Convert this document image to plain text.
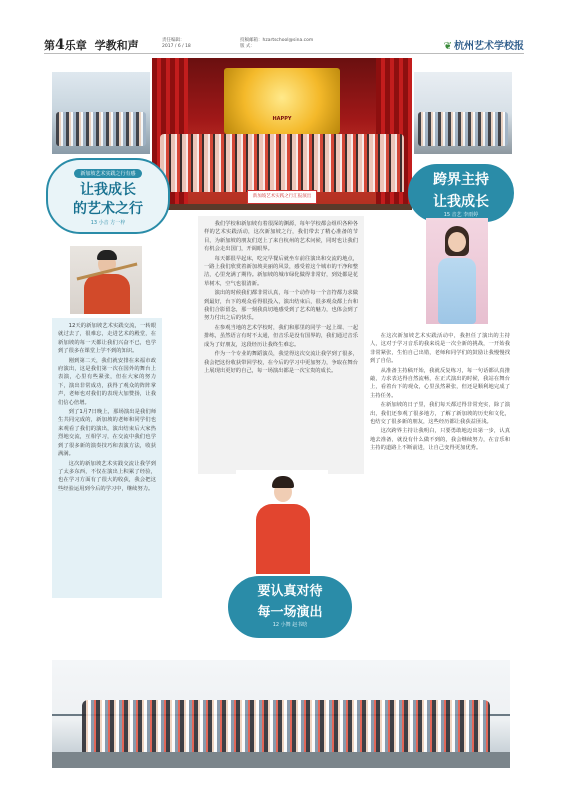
第4乐章 学教和声	责任编辑：
2017 / 6 / 18
投稿邮箱：hzartschool@sina.com
版 式：	❦ 杭州艺术学校报
HAPPY
新加坡艺术实践之行汇报演出
新加坡艺术实践之行有感
让我成长
的艺术之行
13 小音 方一梓

12天的新加坡艺术实践交流，一转眼就过去了，很难忘，走进艺术的殿堂，在新加坡的每一天都让我们兴奋不已，也学到了很多在课堂上学不到的知识。

刚到第二天，我们就安排在来福市政府演出，这是我们第一次在国外的舞台上表演，心里有些紧张，但在大家的努力下，演出非常成功，获得了观众的阵阵掌声，老师也对我们的表现大加赞扬，让我们信心倍增。

到了1月7日晚上，那场演出是我们师生共同完成的，新加坡的老师和同学们也来观看了我们的演出，演出结束后大家热烈地交流，互相学习，在交流中我们也学到了很多新的演奏技巧和表演方法，收获满满。

这次的新加坡艺术实践交流让我学到了太多东西，不仅在演出上积累了经验，也在学习方面有了很大的收获，我会把这些经验运用到今后的学习中，继续努力。

我们学校和新加坡有着很深的渊源，每年学校都会组织各种各样的艺术实践活动，这次新加坡之行，我们带去了精心准备的节目，为新加坡的朋友们送上了来自杭州的艺术问候，同时也让我们有机会走出国门，开阔眼界。

每天都很早起床，吃完早餐后就坐车前往演出和交流的地点，一路上我们欣赏着新加坡美丽的风景，感受着这个城市的干净和整洁，心里充满了期待。新加坡的城市绿化做得非常好，到处都是花草树木，空气也很清新。

演出的时候我们都非常认真，每一个动作每一个音符都力求做到最好，台下的观众看得很投入，演出结束后，很多观众都上台和我们合影留念，那一刻我真切地感受到了艺术的魅力，也体会到了努力付出之后的快乐。

在参观当地的艺术学校时，我们和那里的同学一起上课、一起排练，虽然语言有时不太通，但音乐是没有国界的，我们通过音乐成为了好朋友，这段经历让我终生难忘。

作为一个专业的舞蹈演员，我觉得这次交流让我学到了很多，我会把这份收获带回学校，在今后的学习中更加努力，争取在舞台上展现出更好的自己，每一场演出都是一次宝贵的成长。

要认真对待
每一场演出
12 小舞 赵书晗
跨界主持
让我成长
15 音艺 李雨婷

在这次新加坡艺术实践活动中，我担任了演出的主持人，这对于学习音乐的我来说是一次全新的挑战，一开始我非常紧张，生怕自己出错，老师和同学们的鼓励让我慢慢找到了自信。

从准备主持稿开始，我就反复练习，每一句话都认真推敲，力求表达得自然流畅，在正式演出的时候，我站在舞台上，看着台下的观众，心里虽然紧张，但还是顺利地完成了主持任务。

在新加坡的日子里，我们每天都过得非常充实，除了演出，我们还参观了很多地方，了解了新加坡的历史和文化，也结交了很多新的朋友，这些经历都让我获益匪浅。

这次跨界主持让我明白，只要勇敢地迈出第一步，认真地去准备，就没有什么做不到的，我会继续努力，在音乐和主持的道路上不断前进，让自己变得更加优秀。
